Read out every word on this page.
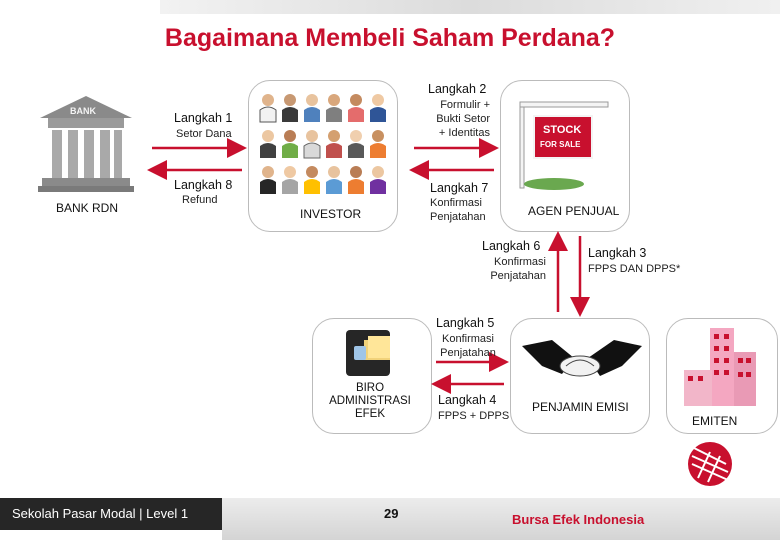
Bagaimana Membeli Saham Perdana?
BANK
BANK RDN	INVESTOR
STOCK
FOR SALE
AGEN PENJUAL
BIRO ADMINISTRASI EFEK	PENJAMIN EMISI
EMITEN
Langkah 1
Setor Dana
Langkah 2
Formulir + Bukti Setor + Identitas
Langkah 8
Refund
Langkah 7
Konfirmasi Penjatahan
Langkah 6
Konfirmasi Penjatahan
Langkah 3
FPPS DAN DPPS*
Langkah 5
Konfirmasi Penjatahan
Langkah 4
FPPS + DPPS
Sekolah Pasar Modal | Level 1	29	Bursa Efek Indonesia
